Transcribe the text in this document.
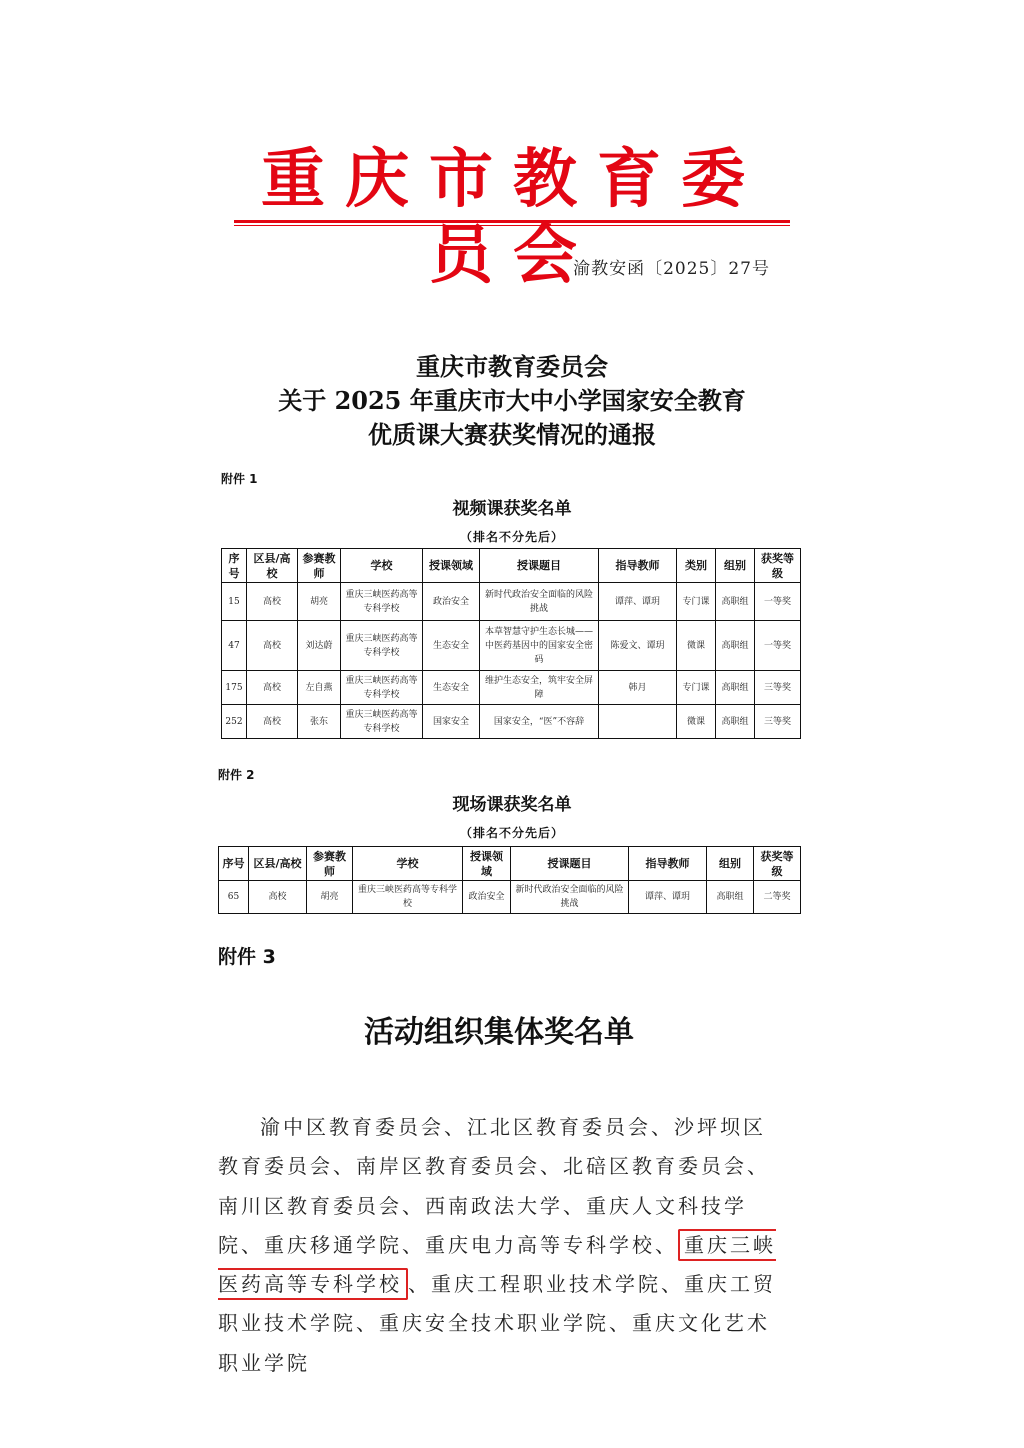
重庆市教育委员会
渝教安函〔2025〕27号
重庆市教育委员会
关于 2025 年重庆市大中小学国家安全教育
优质课大赛获奖情况的通报
附件 1
视频课获奖名单
（排名不分先后）
序号	区县/高校	参赛教师	学校	授课领域	授课题目	指导教师	类别	组别	获奖等级
15	高校	胡亮	重庆三峡医药高等专科学校	政治安全	新时代政治安全面临的风险挑战	谭萍、谭玥	专门课	高职组	一等奖
47	高校	刘达蔚	重庆三峡医药高等专科学校	生态安全	本草智慧守护生态长城——中医药基因中的国家安全密码	陈爱文、谭玥	微课	高职组	一等奖
175	高校	左自燕	重庆三峡医药高等专科学校	生态安全	维护生态安全，筑牢安全屏障	韩月	专门课	高职组	三等奖
252	高校	张东	重庆三峡医药高等专科学校	国家安全	国家安全，“医”不容辞		微课	高职组	三等奖
附件 2
现场课获奖名单
（排名不分先后）
序号	区县/高校	参赛教师	学校	授课领域	授课题目	指导教师	组别	获奖等级
65	高校	胡亮	重庆三峡医药高等专科学校	政治安全	新时代政治安全面临的风险挑战	谭萍、谭玥	高职组	二等奖
附件 3
活动组织集体奖名单

渝中区教育委员会、江北区教育委员会、沙坪坝区教育委员会、南岸区教育委员会、北碚区教育委员会、南川区教育委员会、西南政法大学、重庆人文科技学院、重庆移通学院、重庆电力高等专科学校、 重庆三峡医药高等专科学校 、重庆工程职业技术学院、重庆工贸职业技术学院、重庆安全技术职业学院、重庆文化艺术职业学院
